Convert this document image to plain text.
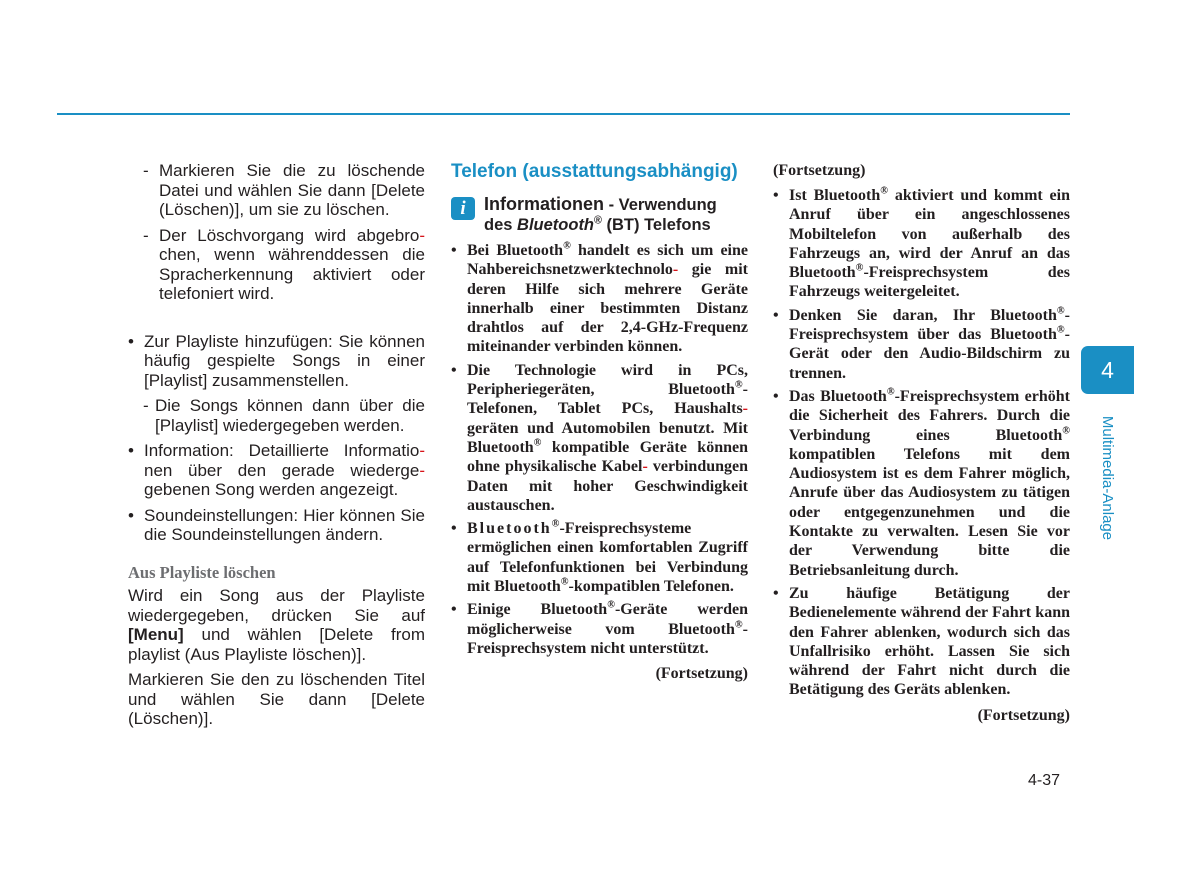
- Markieren Sie die zu löschende Datei und wählen Sie dann [Delete (Löschen)], um sie zu löschen.
- Der Löschvorgang wird abgebro- chen, wenn währenddessen die Spracherkennung aktiviert oder telefoniert wird.
• Zur Playliste hinzufügen: Sie können häufig gespielte Songs in einer [Playlist] zusammenstellen.
- Die Songs können dann über die [Playlist] wiedergegeben werden.
• Information: Detaillierte Informatio- nen über den gerade wiederge- gebenen Song werden angezeigt.
• Soundeinstellungen: Hier können Sie die Soundeinstellungen ändern.
Aus Playliste löschen
Wird ein Song aus der Playliste wiedergegeben, drücken Sie auf [Menu] und wählen [Delete from playlist (Aus Playliste löschen)].
Markieren Sie den zu löschenden Titel und wählen Sie dann [Delete (Löschen)].
Telefon (ausstattungsabhängig)
i	Informationen - Verwendung des Bluetooth® (BT) Telefons
• Bei Bluetooth® handelt es sich um eine Nahbereichsnetzwerktechnolo- gie mit deren Hilfe sich mehrere Geräte innerhalb einer bestimmten Distanz drahtlos auf der 2,4-GHz-Frequenz miteinander verbinden können.
• Die Technologie wird in PCs, Peripheriegeräten, Bluetooth®-Telefonen, Tablet PCs, Haushalts- geräten und Automobilen benutzt. Mit Bluetooth® kompatible Geräte können ohne physikalische Kabel- verbindungen Daten mit hoher Geschwindigkeit austauschen.
• Bluetooth®-Freisprechsysteme ermöglichen einen komfortablen Zugriff auf Telefonfunktionen bei Verbindung mit Bluetooth®-kompatiblen Telefonen.
• Einige Bluetooth®-Geräte werden möglicherweise vom Bluetooth®-Freisprechsystem nicht unterstützt.
(Fortsetzung)
(Fortsetzung)
• Ist Bluetooth® aktiviert und kommt ein Anruf über ein angeschlossenes Mobiltelefon von außerhalb des Fahrzeugs an, wird der Anruf an das Bluetooth®-Freisprechsystem des Fahrzeugs weitergeleitet.
• Denken Sie daran, Ihr Bluetooth®-Freisprechsystem über das Bluetooth®-Gerät oder den Audio-Bildschirm zu trennen.
• Das Bluetooth®-Freisprechsystem erhöht die Sicherheit des Fahrers. Durch die Verbindung eines Bluetooth® kompatiblen Telefons mit dem Audiosystem ist es dem Fahrer möglich, Anrufe über das Audiosystem zu tätigen oder entgegenzunehmen und die Kontakte zu verwalten. Lesen Sie vor der Verwendung bitte die Betriebsanleitung durch.
• Zu häufige Betätigung der Bedienelemente während der Fahrt kann den Fahrer ablenken, wodurch sich das Unfallrisiko erhöht. Lassen Sie sich während der Fahrt nicht durch die Betätigung des Geräts ablenken.
(Fortsetzung)
4
Multimedia-Anlage
4-37
